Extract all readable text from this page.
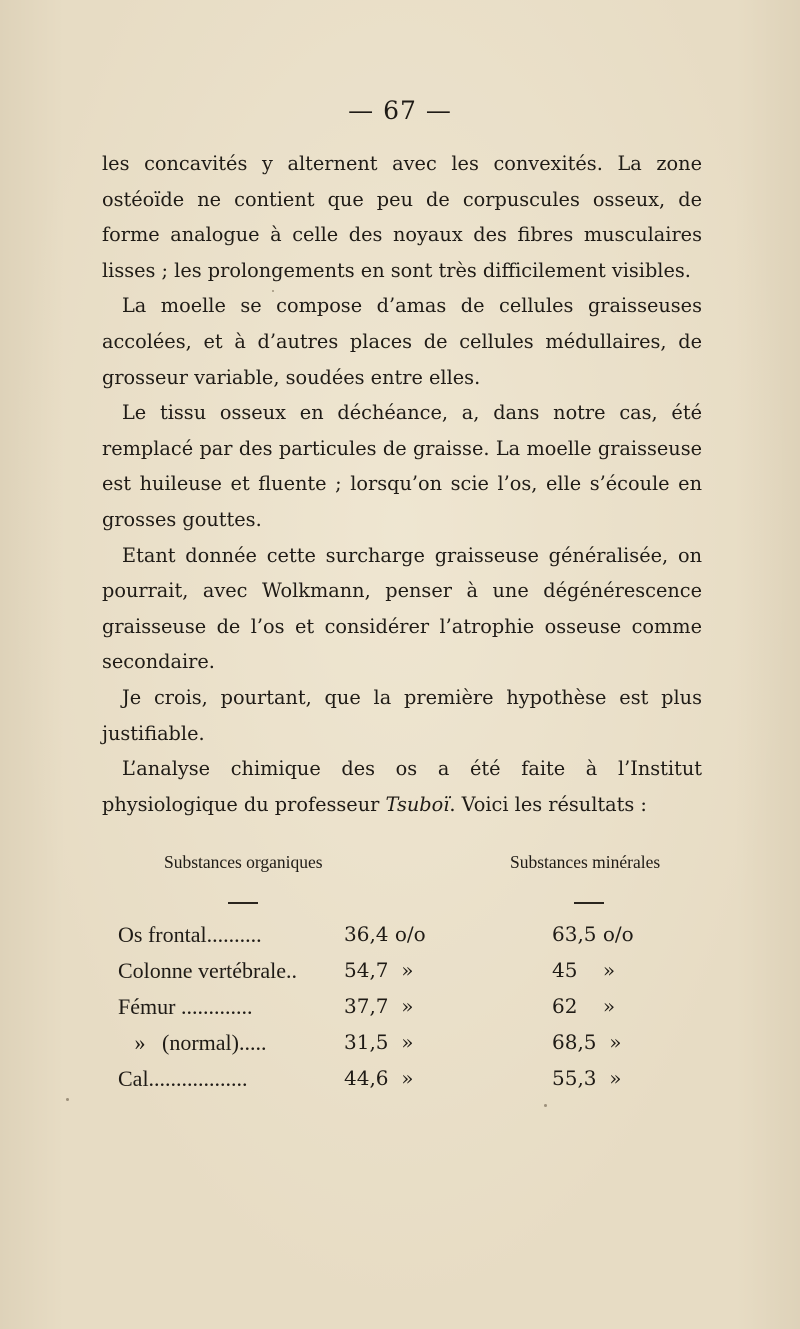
— 67 —

les concavités y alternent avec les convexités. La zone ostéoïde ne contient que peu de corpuscules osseux, de forme analogue à celle des noyaux des fibres musculaires lisses ; les prolongements en sont très difficilement visibles.

La moelle se compose d’amas de cellules graisseuses accolées, et à d’autres places de cellules médullaires, de grosseur variable, soudées entre elles.

Le tissu osseux en déchéance, a, dans notre cas, été remplacé par des particules de graisse. La moelle graisseuse est huileuse et fluente ; lorsqu’on scie l’os, elle s’écoule en grosses gouttes.

Etant donnée cette surcharge graisseuse généralisée, on pourrait, avec Wolkmann, penser à une dégénérescence graisseuse de l’os et considérer l’atrophie osseuse comme secondaire.

Je crois, pourtant, que la première hypothèse est plus justifiable.

L’analyse chimique des os a été faite à l’Institut physiologique du professeur Tsuboï. Voici les résultats :

Substances organiques	Substances minérales
Os frontal..........	36,4 o/o	63,5 o/o
Colonne vertébrale.. 54,7  »	45    »
Fémur .............	37,7  »	62    »
»   (normal).....	31,5  »	68,5  »
Cal..................	44,6  »	55,3  »
